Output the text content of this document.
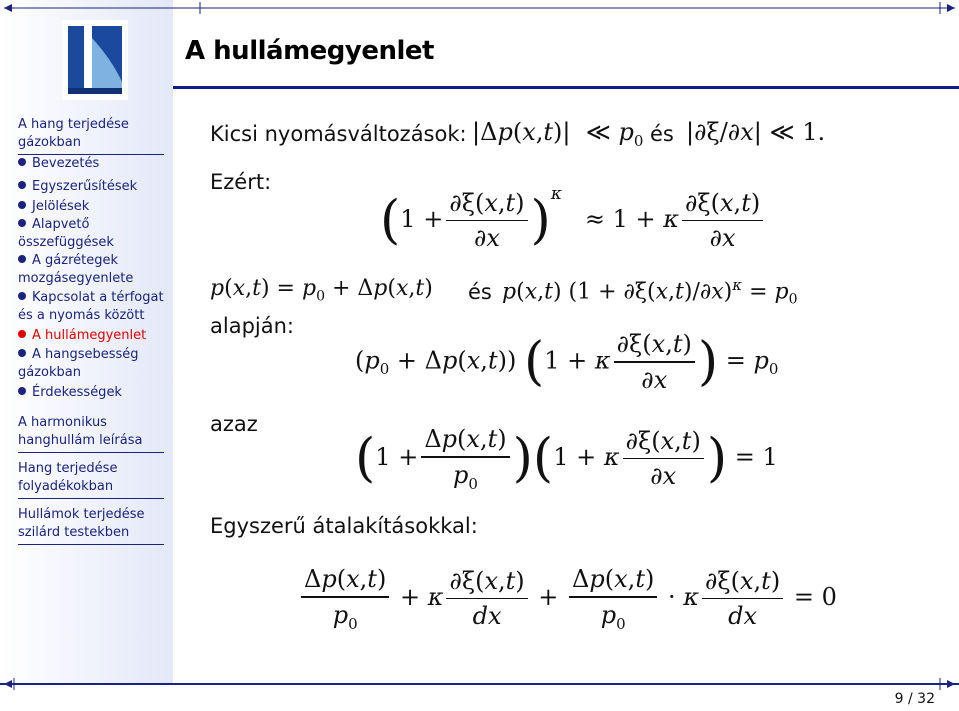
A hullámegyenlet
A hang terjedése
gázokban
Bevezetés
Egyszerűsítések
Jelölések
Alapvető
összefüggések
A gázrétegek
mozgásegyenlete
Kapcsolat a térfogat
és a nyomás között
A hullámegyenlet
A hangsebesség
gázokban
Érdekességek
A harmonikus
hanghullám leírása
Hang terjedése
folyadékokban
Hullámok terjedése
szilárd testekben
Kicsi nyomásváltozások: |Δp(x,t)|  ≪ $p_0$ és |∂ξ/∂x| ≪ 1.
Ezért:
$(1 + \frac{\partial\xi(x,t)}{\partial x} )^\kappa \approx 1 + \kappa \frac{\partial\xi(x,t)}{\partial x}$
$p(x,t) = p_0 + \Delta p(x,t)$ és p(x,t) $(1 + \partial\xi(x,t)/\partial x)^\kappa = p_0$
alapján:
$(p_0 + \Delta p(x,t)) (1 + \kappa \frac{\partial\xi(x,t)}{\partial x}$ ) = $p_0$
azaz
$(1 + \frac{\Delta p(x,t)}{p_0} )(1 + \kappa \frac{\partial\xi(x,t)}{\partial x}$ ) = 1
Egyszerű átalakításokkal:
$\frac{\Delta p(x,t)}{p_0} + \kappa \frac{\partial\xi(x,t)}{dx} + \frac{\Delta p(x,t)}{p_0} \cdot \kappa \frac{\partial\xi(x,t)}{dx} = 0$
9 / 32
